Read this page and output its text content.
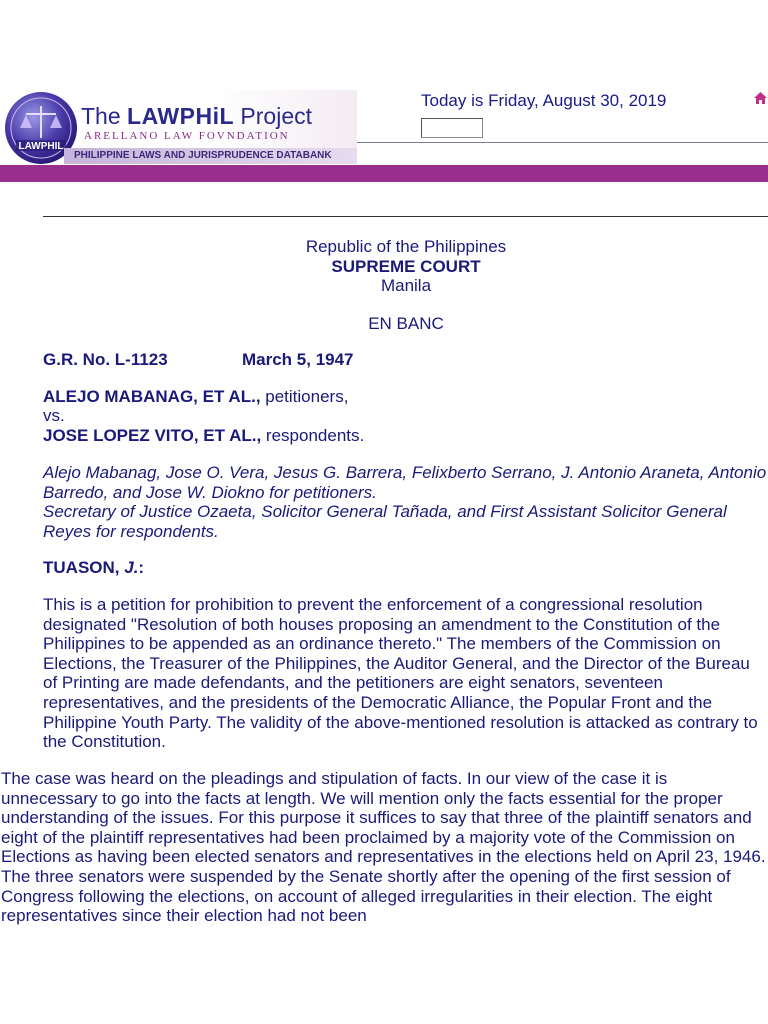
LAWPHIL
The LAWPHiL Project
ARELLANO LAW FOVNDATION
PHILIPPINE LAWS AND JURISPRUDENCE DATABANK
Today is Friday, August 30, 2019
Republic of the Philippines
SUPREME COURT
Manila
EN BANC
G.R. No. L-1123	March 5, 1947
ALEJO MABANAG, ET AL., petitioners,
vs.
JOSE LOPEZ VITO, ET AL., respondents.
Alejo Mabanag, Jose O. Vera, Jesus G. Barrera, Felixberto Serrano, J. Antonio Araneta, Antonio Barredo, and Jose W. Diokno for petitioners.
Secretary of Justice Ozaeta, Solicitor General Tañada, and First Assistant Solicitor General Reyes for respondents.
TUASON, J.:
This is a petition for prohibition to prevent the enforcement of a congressional resolution designated "Resolution of both houses proposing an amendment to the Constitution of the Philippines to be appended as an ordinance thereto." The members of the Commission on Elections, the Treasurer of the Philippines, the Auditor General, and the Director of the Bureau of Printing are made defendants, and the petitioners are eight senators, seventeen representatives, and the presidents of the Democratic Alliance, the Popular Front and the Philippine Youth Party. The validity of the above-mentioned resolution is attacked as contrary to the Constitution.
The case was heard on the pleadings and stipulation of facts. In our view of the case it is unnecessary to go into the facts at length. We will mention only the facts essential for the proper understanding of the issues. For this purpose it suffices to say that three of the plaintiff senators and eight of the plaintiff representatives had been proclaimed by a majority vote of the Commission on Elections as having been elected senators and representatives in the elections held on April 23, 1946. The three senators were suspended by the Senate shortly after the opening of the first session of Congress following the elections, on account of alleged irregularities in their election. The eight representatives since their election had not been
